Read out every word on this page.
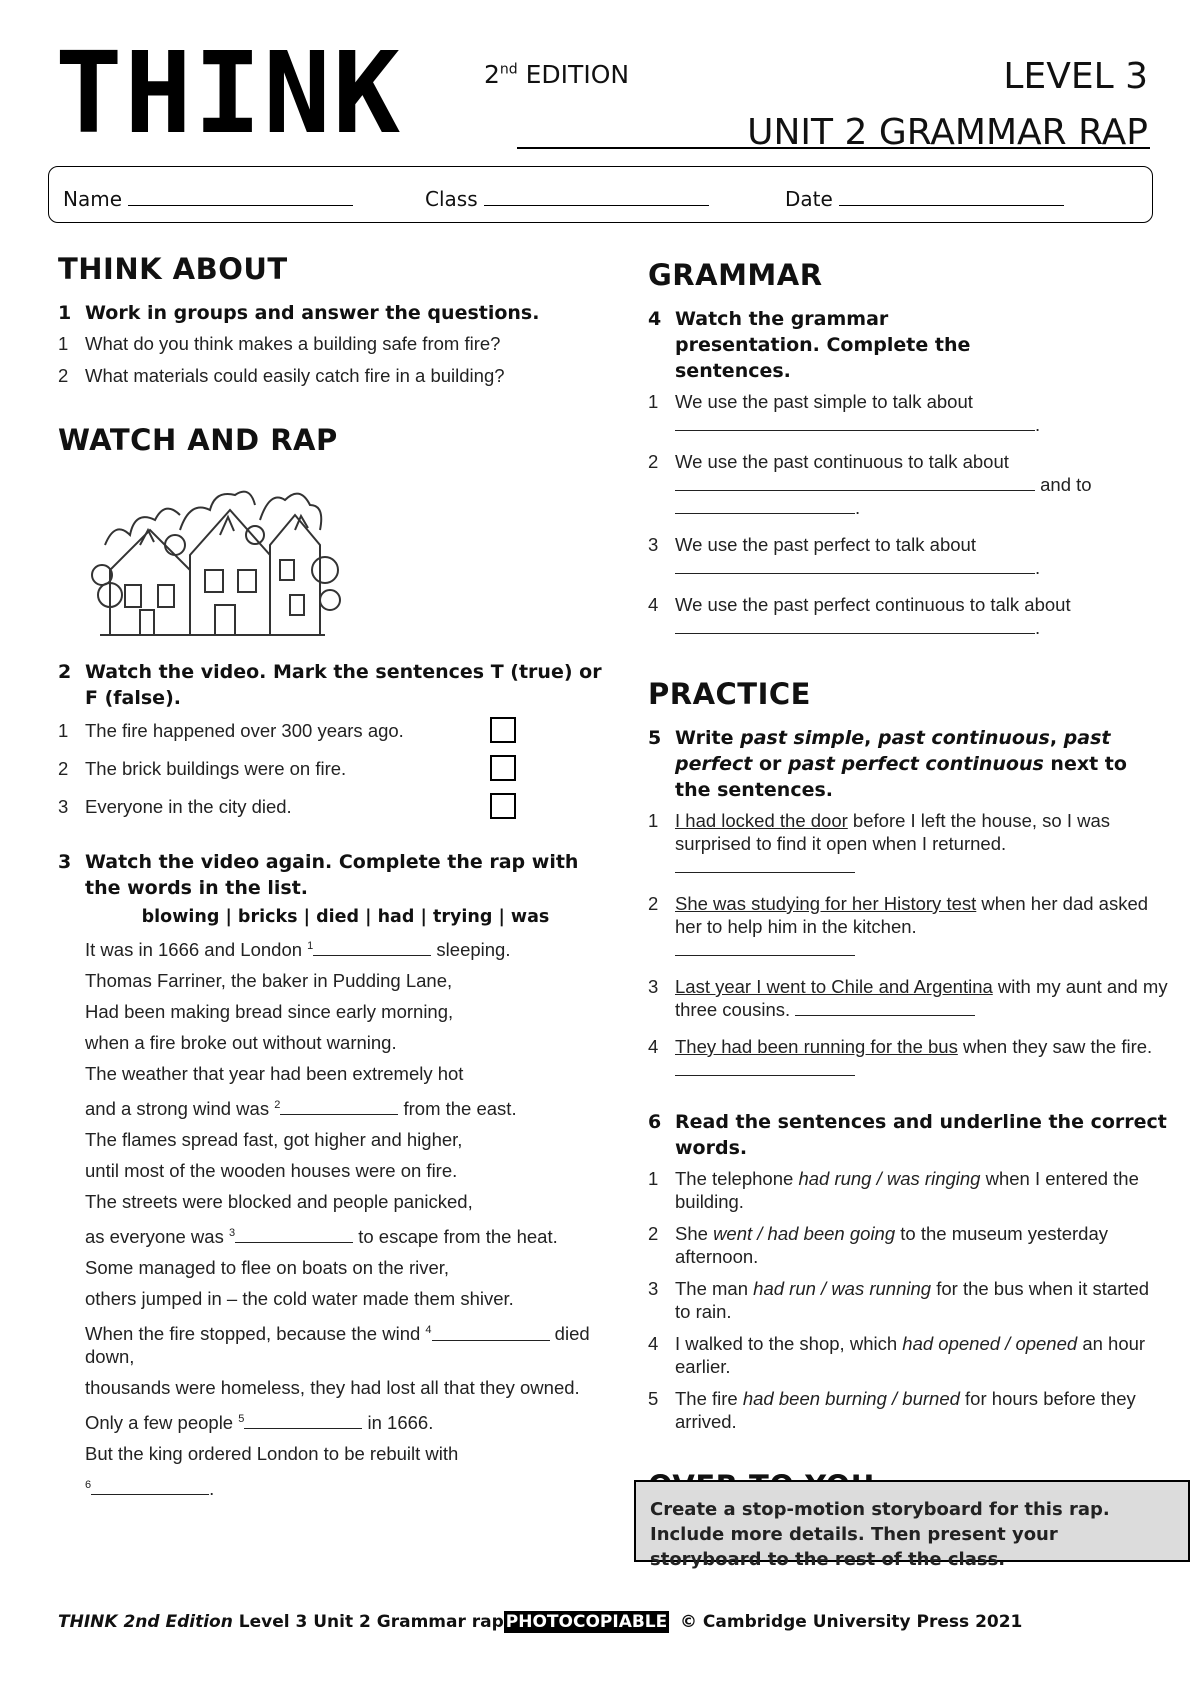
THINK	2nd EDITION	LEVEL 3
UNIT 2 GRAMMAR RAP
Name	Class	Date
THINK ABOUT
1 Work in groups and answer the questions.
1 What do you think makes a building safe from fire?
2 What materials could easily catch fire in a building?
WATCH AND RAP
2 Watch the video. Mark the sentences T (true) or F (false).
1 The fire happened over 300 years ago.
2 The brick buildings were on fire.
3 Everyone in the city died.
3 Watch the video again. Complete the rap with the words in the list.
blowing | bricks | died | had | trying | was
It was in 1666 and London $^1$	sleeping.
Thomas Farriner, the baker in Pudding Lane,
Had been making bread since early morning,
when a fire broke out without warning.
The weather that year had been extremely hot
and a strong wind was $^2$	from the east.
The flames spread fast, got higher and higher,
until most of the wooden houses were on fire.
The streets were blocked and people panicked,
as everyone was $^3$	to escape from the heat.
Some managed to flee on boats on the river,
others jumped in – the cold water made them shiver.
When the fire stopped, because the wind $^4$	died down,
thousands were homeless, they had lost all that they owned.
Only a few people $^5$	in 1666.
But the king ordered London to be rebuilt with
$^6$	.
GRAMMAR
4 Watch the grammar presentation. Complete the sentences.
1 We use the past simple to talk about
.
2 We use the past continuous to talk about
and to
.
3 We use the past perfect to talk about
.
4 We use the past perfect continuous to talk about
.
PRACTICE
5 Write past simple, past continuous, past perfect or past perfect continuous next to the sentences.
1 I had locked the door before I left the house, so I was surprised to find it open when I returned.

2 She was studying for her History test when her dad asked her to help him in the kitchen.

3 Last year I went to Chile and Argentina with my aunt and my three cousins.
4 They had been running for the bus when they saw the fire.
6 Read the sentences and underline the correct words.
1 The telephone had rung / was ringing when I entered the building.
2 She went / had been going to the museum yesterday afternoon.
3 The man had run / was running for the bus when it started to rain.
4 I walked to the shop, which had opened / opened an hour earlier.
5 The fire had been burning / burned for hours before they arrived.
Create a stop-motion storyboard for this rap. Include more details. Then present your storyboard to the rest of the class.
THINK 2nd Edition Level 3 Unit 2 Grammar rap PHOTOCOPIABLE © Cambridge University Press 2021
